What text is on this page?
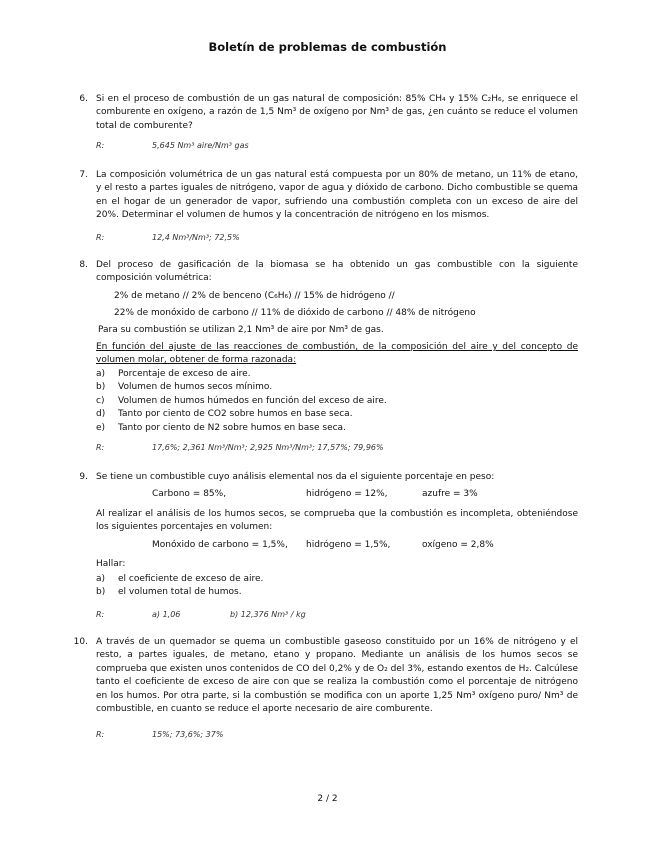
Boletín de problemas de combustión
6. Si en el proceso de combustión de un gas natural de composición: 85% CH₄ y 15% C₂H₆, se enriquece el comburente en oxígeno, a razón de 1,5 Nm³ de oxígeno por Nm³ de gas, ¿en cuánto se reduce el volumen total de comburente?
R:	5,645 Nm³ aire/Nm³ gas
7. La composición volumétrica de un gas natural está compuesta por un 80% de metano, un 11% de etano, y el resto a partes iguales de nitrógeno, vapor de agua y dióxido de carbono. Dicho combustible se quema en el hogar de un generador de vapor, sufriendo una combustión completa con un exceso de aire del 20%. Determinar el volumen de humos y la concentración de nitrógeno en los mismos.
R:	12,4 Nm³/Nm³; 72,5%
8. Del proceso de gasificación de la biomasa se ha obtenido un gas combustible con la siguiente composición volumétrica:
2% de metano // 2% de benceno (C₆H₆) // 15% de hidrógeno //
22% de monóxido de carbono // 11% de dióxido de carbono // 48% de nitrógeno
Para su combustión se utilizan 2,1 Nm³ de aire por Nm³ de gas.
En función del ajuste de las reacciones de combustión, de la composición del aire y del concepto de volumen molar, obtener de forma razonada:
a) Porcentaje de exceso de aire.
b) Volumen de humos secos mínimo.
c) Volumen de humos húmedos en función del exceso de aire.
d) Tanto por ciento de CO2 sobre humos en base seca.
e) Tanto por ciento de N2 sobre humos en base seca.
R:	17,6%; 2,361 Nm³/Nm³; 2,925 Nm³/Nm³; 17,57%; 79,96%
9. Se tiene un combustible cuyo análisis elemental nos da el siguiente porcentaje en peso:
Carbono = 85%,	hidrógeno = 12%,	azufre = 3%
Al realizar el análisis de los humos secos, se comprueba que la combustión es incompleta, obteniéndose los siguientes porcentajes en volumen:
Monóxido de carbono = 1,5%, hidrógeno = 1,5%,	oxígeno = 2,8%
Hallar:
a) el coeficiente de exceso de aire.
b) el volumen total de humos.
R:	a) 1,06	b) 12,376 Nm³ / kg
10. A través de un quemador se quema un combustible gaseoso constituido por un 16% de nitrógeno y el resto, a partes iguales, de metano, etano y propano. Mediante un análisis de los humos secos se comprueba que existen unos contenidos de CO del 0,2% y de O₂ del 3%, estando exentos de H₂. Calcúlese tanto el coeficiente de exceso de aire con que se realiza la combustión como el porcentaje de nitrógeno en los humos. Por otra parte, si la combustión se modifica con un aporte 1,25 Nm³ oxígeno puro/ Nm³ de combustible, en cuanto se reduce el aporte necesario de aire comburente.
R:	15%; 73,6%; 37%
2 / 2
